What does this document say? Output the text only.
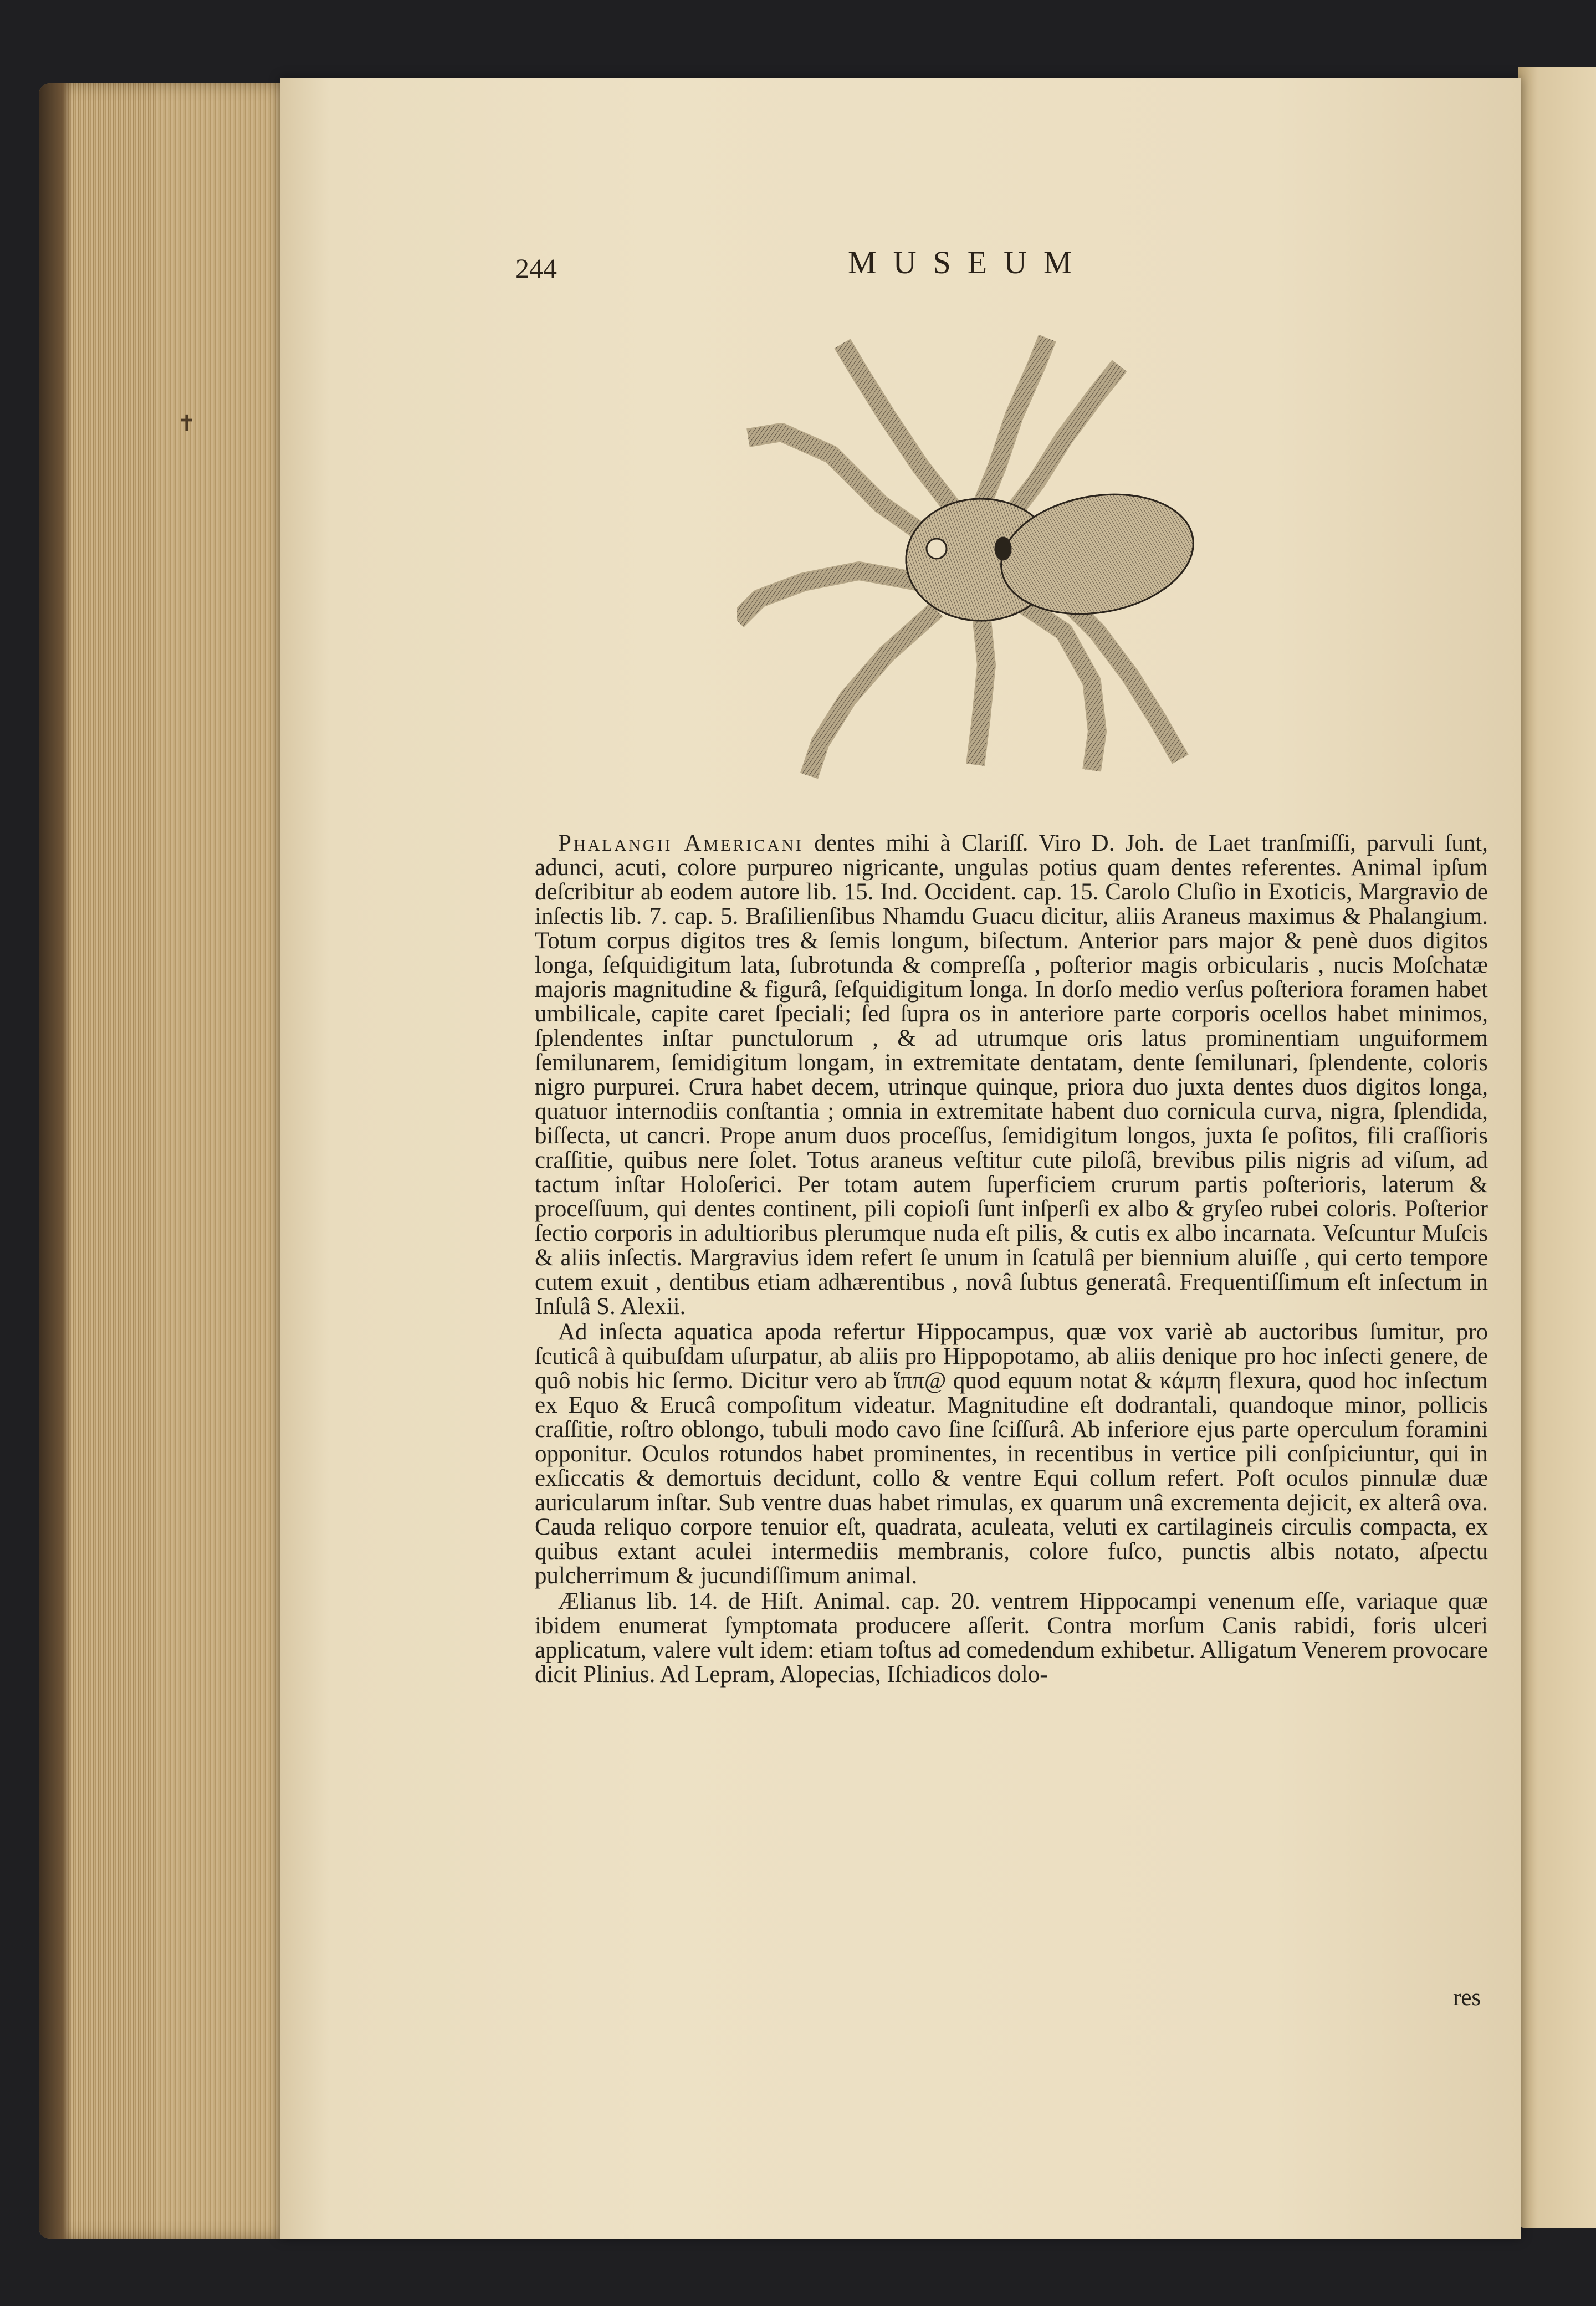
244	MUSEUM
✝

Phalangii Americani dentes mihi à Clariſſ. Viro D. Joh. de Laet tranſmiſſi, parvuli ſunt, adunci, acuti, colore purpureo nigricante, ungulas potius quam dentes referentes. Animal ipſum deſcribitur ab eodem autore lib. 15. Ind. Occident. cap. 15. Carolo Cluſio in Exoticis, Margravio de inſectis lib. 7. cap. 5. Braſilienſibus Nhamdu Guacu dicitur, aliis Araneus maximus & Phalangium. Totum corpus digitos tres & ſemis longum, biſectum. Anterior pars major & penè duos digitos longa, ſeſquidigitum lata, ſubrotunda & compreſſa , poſterior magis orbicularis , nucis Moſchatæ majoris magnitudine & figurâ, ſeſquidigitum longa. In dorſo medio verſus poſteriora foramen habet umbilicale, capite caret ſpeciali; ſed ſupra os in anteriore parte corporis ocellos habet minimos, ſplendentes inſtar punctulorum , & ad utrumque oris latus prominentiam unguiformem ſemilunarem, ſemidigitum longam, in extremitate dentatam, dente ſemilunari, ſplendente, coloris nigro purpurei. Crura habet decem, utrinque quinque, priora duo juxta dentes duos digitos longa, quatuor internodiis conſtantia ; omnia in extremitate habent duo cornicula curva, nigra, ſplendida, biſſecta, ut cancri. Prope anum duos proceſſus, ſemidigitum longos, juxta ſe poſitos, fili craſſioris craſſitie, quibus nere ſolet. Totus araneus veſtitur cute piloſâ, brevibus pilis nigris ad viſum, ad tactum inſtar Holoſerici. Per totam autem ſuperficiem crurum partis poſterioris, laterum & proceſſuum, qui dentes continent, pili copioſi ſunt inſperſi ex albo & gryſeo rubei coloris. Poſterior ſectio corporis in adultioribus plerumque nuda eſt pilis, & cutis ex albo incarnata. Veſcuntur Muſcis & aliis inſectis. Margravius idem refert ſe unum in ſcatulâ per biennium aluiſſe , qui certo tempore cutem exuit , dentibus etiam adhærentibus , novâ ſubtus generatâ. Frequentiſſimum eſt inſectum in Inſulâ S. Alexii.

Ad inſecta aquatica apoda refertur Hippocampus, quæ vox variè ab auctoribus ſumitur, pro ſcuticâ à quibuſdam uſurpatur, ab aliis pro Hippopotamo, ab aliis denique pro hoc inſecti genere, de quô nobis hic ſermo. Dicitur vero ab ἵππ@ quod equum notat & κάμπη flexura, quod hoc inſectum ex Equo & Erucâ compoſitum videatur. Magnitudine eſt dodrantali, quandoque minor, pollicis craſſitie, roſtro oblongo, tubuli modo cavo ſine ſciſſurâ. Ab inferiore ejus parte operculum foramini opponitur. Oculos rotundos habet prominentes, in recentibus in vertice pili conſpiciuntur, qui in exſiccatis & demortuis decidunt, collo & ventre Equi collum refert. Poſt oculos pinnulæ duæ auricularum inſtar. Sub ventre duas habet rimulas, ex quarum unâ excrementa dejicit, ex alterâ ova. Cauda reliquo corpore tenuior eſt, quadrata, aculeata, veluti ex cartilagineis circulis compacta, ex quibus extant aculei intermediis membranis, colore fuſco, punctis albis notato, aſpectu pulcherrimum & jucundiſſimum animal.

Ælianus lib. 14. de Hiſt. Animal. cap. 20. ventrem Hippocampi venenum eſſe, variaque quæ ibidem enumerat ſymptomata producere aſſerit. Contra morſum Canis rabidi, foris ulceri applicatum, valere vult idem: etiam toſtus ad comedendum exhibetur. Alligatum Venerem provocare dicit Plinius. Ad Lepram, Alopecias, Iſchiadicos dolo-

res
